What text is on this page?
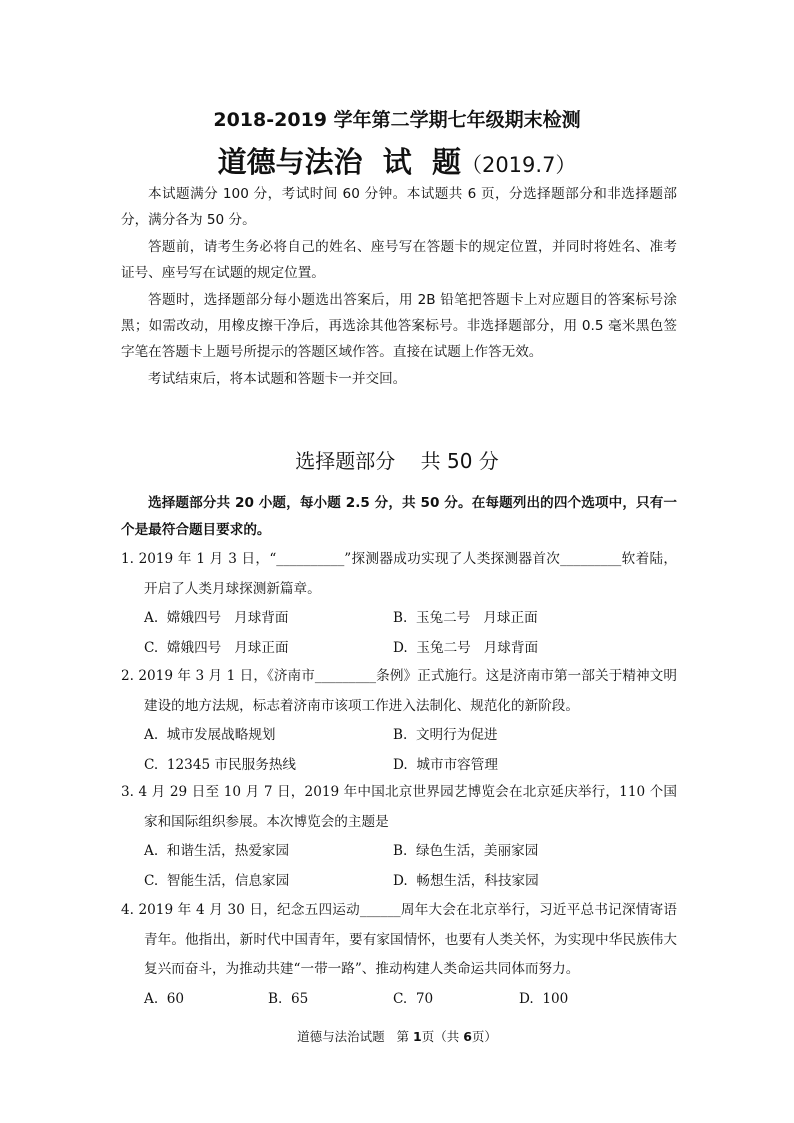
2018-2019 学年第二学期七年级期末检测
道德与法治  试  题（2019.7）

本试题满分 100 分，考试时间 60 分钟。本试题共 6 页，分选择题部分和非选择题部分，满分各为 50 分。

答题前，请考生务必将自己的姓名、座号写在答题卡的规定位置，并同时将姓名、准考证号、座号写在试题的规定位置。

答题时，选择题部分每小题选出答案后，用 2B 铅笔把答题卡上对应题目的答案标号涂黑；如需改动，用橡皮擦干净后，再选涂其他答案标号。非选择题部分，用 0.5 毫米黑色签字笔在答题卡上题号所提示的答题区域作答。直接在试题上作答无效。

考试结束后，将本试题和答题卡一并交回。

选择题部分    共 50 分

选择题部分共 20 小题，每小题 2.5 分，共 50 分。在每题列出的四个选项中，只有一个是最符合题目要求的。

1. 2019 年 1 月 3 日，“__________”探测器成功实现了人类探测器首次_________软着陆，开启了人类月球探测新篇章。
A.  嫦娥四号   月球背面	B.  玉兔二号   月球正面
C.  嫦娥四号   月球正面	D.  玉兔二号   月球背面
2. 2019 年 3 月 1 日，《济南市_________条例》正式施行。这是济南市第一部关于精神文明建设的地方法规，标志着济南市该项工作进入法制化、规范化的新阶段。
A.  城市发展战略规划	B.  文明行为促进
C.  12345 市民服务热线	D.  城市市容管理
3. 4 月 29 日至 10 月 7 日，2019 年中国北京世界园艺博览会在北京延庆举行，110 个国家和国际组织参展。本次博览会的主题是
A.  和谐生活，热爱家园	B.  绿色生活，美丽家园
C.  智能生活，信息家园	D.  畅想生活，科技家园
4. 2019 年 4 月 30 日，纪念五四运动______周年大会在北京举行，习近平总书记深情寄语青年。他指出，新时代中国青年，要有家国情怀，也要有人类关怀，为实现中华民族伟大复兴而奋斗，为推动共建“一带一路”、推动构建人类命运共同体而努力。
A.  60	B.  65	C.  70	D.  100
道德与法治试题   第 1页（共 6页）
